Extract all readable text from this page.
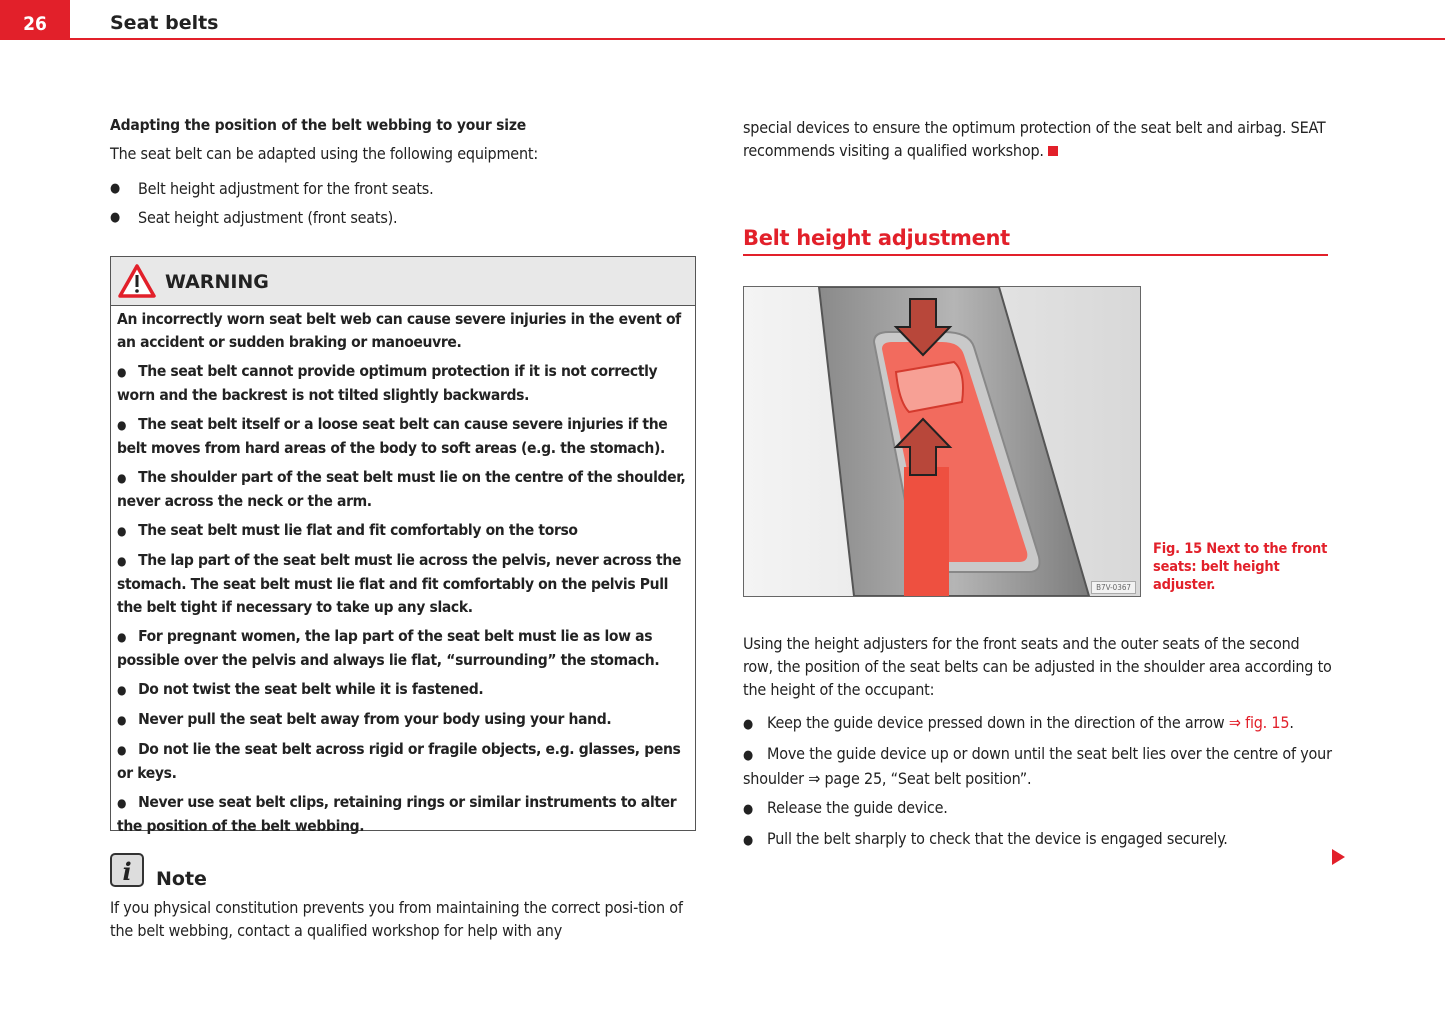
26	Seat belts
Adapting the position of the belt webbing to your size

The seat belt can be adapted using the following equipment:

● Belt height adjustment for the front seats.
● Seat height adjustment (front seats).
WARNING

An incorrectly worn seat belt web can cause severe injuries in the event of an accident or sudden braking or manoeuvre.

● The seat belt cannot provide optimum protection if it is not correctly worn and the backrest is not tilted slightly backwards.

● The seat belt itself or a loose seat belt can cause severe injuries if the belt moves from hard areas of the body to soft areas (e.g. the stomach).

● The shoulder part of the seat belt must lie on the centre of the shoulder, never across the neck or the arm.

● The seat belt must lie flat and fit comfortably on the torso

● The lap part of the seat belt must lie across the pelvis, never across the stomach. The seat belt must lie flat and fit comfortably on the pelvis Pull the belt tight if necessary to take up any slack.

● For pregnant women, the lap part of the seat belt must lie as low as possible over the pelvis and always lie flat, “surrounding” the stomach.

● Do not twist the seat belt while it is fastened.

● Never pull the seat belt away from your body using your hand.

● Do not lie the seat belt across rigid or fragile objects, e.g. glasses, pens or keys.

● Never use seat belt clips, retaining rings or similar instruments to alter the position of the belt webbing.

i	Note
If you physical constitution prevents you from maintaining the correct posi-tion of the belt webbing, contact a qualified workshop for help with any

special devices to ensure the optimum protection of the seat belt and airbag. SEAT recommends visiting a qualified workshop.

Belt height adjustment
B7V-0367
Fig. 15 Next to the front seats: belt height adjuster.

Using the height adjusters for the front seats and the outer seats of the second row, the position of the seat belts can be adjusted in the shoulder area according to the height of the occupant:

● Keep the guide device pressed down in the direction of the arrow ⇒ fig. 15.
● Move the guide device up or down until the seat belt lies over the centre of your shoulder ⇒ page 25, “Seat belt position”.
● Release the guide device.
● Pull the belt sharply to check that the device is engaged securely.
